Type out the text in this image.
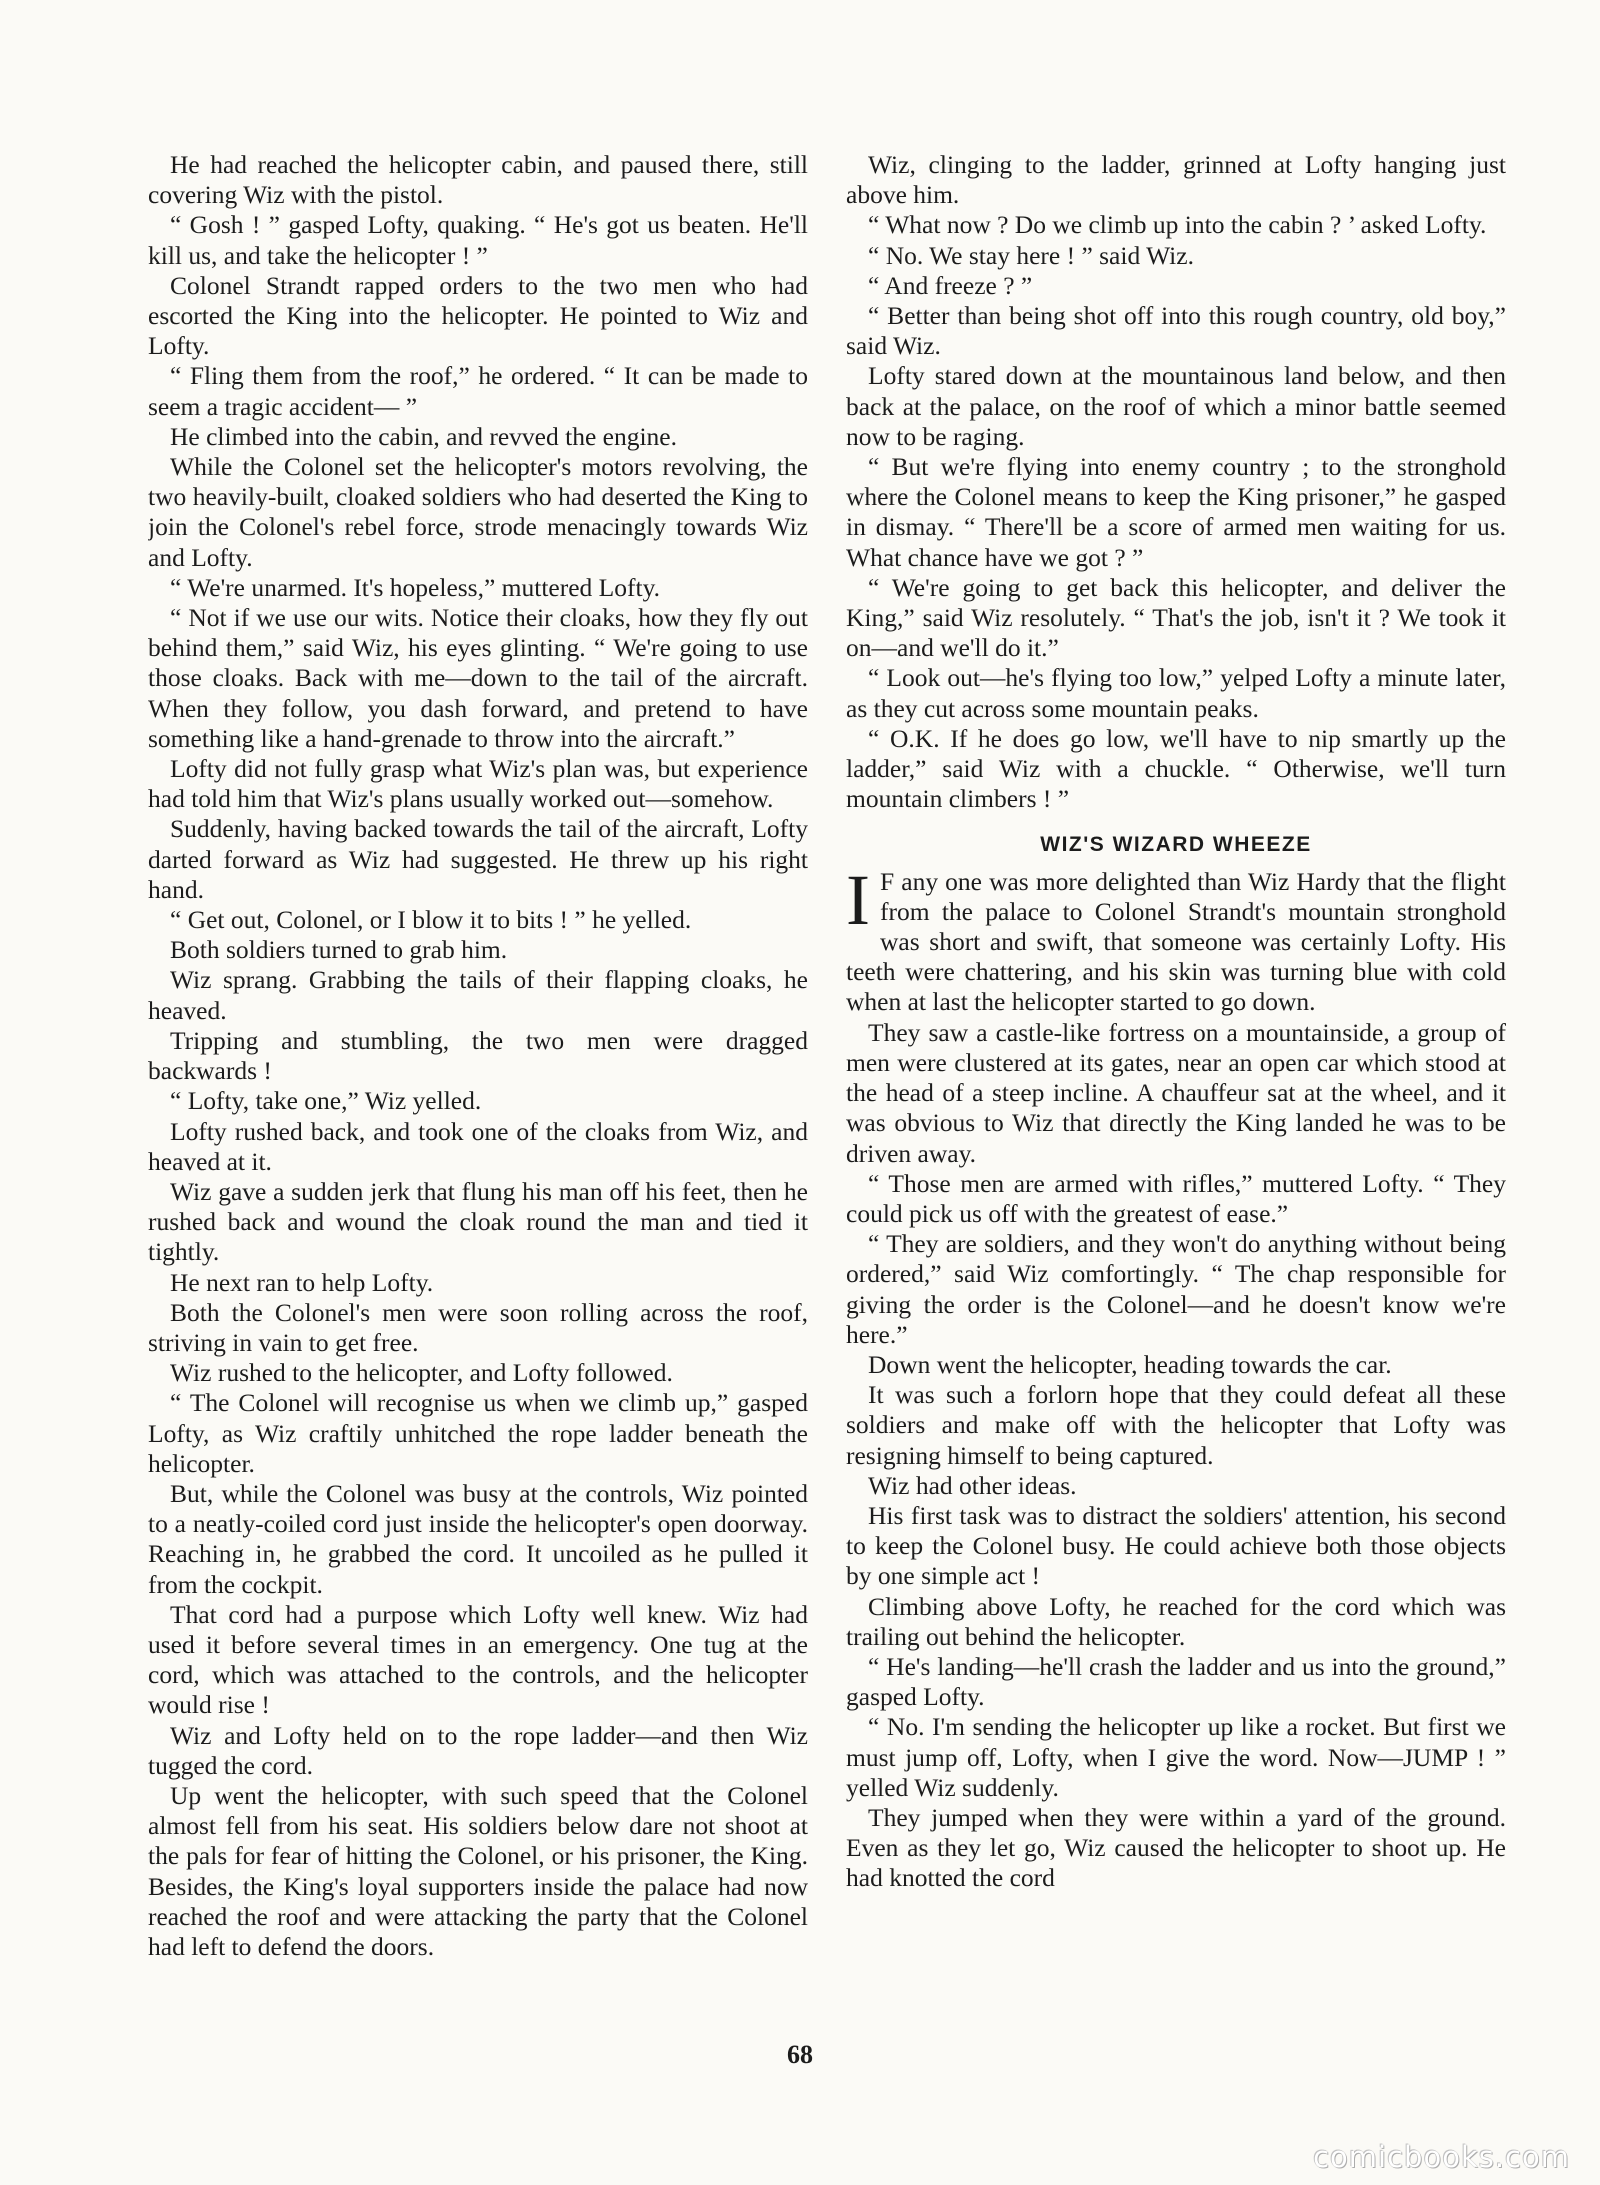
He had reached the helicopter cabin, and paused there, still covering Wiz with the pistol.

“ Gosh ! ” gasped Lofty, quaking. “ He's got us beaten. He'll kill us, and take the helicopter ! ”

Colonel Strandt rapped orders to the two men who had escorted the King into the helicopter. He pointed to Wiz and Lofty.

“ Fling them from the roof,” he ordered. “ It can be made to seem a tragic accident— ”

He climbed into the cabin, and revved the engine.

While the Colonel set the helicopter's motors revolving, the two heavily-built, cloaked soldiers who had deserted the King to join the Colonel's rebel force, strode menacingly towards Wiz and Lofty.

“ We're unarmed. It's hopeless,” muttered Lofty.

“ Not if we use our wits. Notice their cloaks, how they fly out behind them,” said Wiz, his eyes glinting. “ We're going to use those cloaks. Back with me—down to the tail of the aircraft. When they follow, you dash forward, and pretend to have something like a hand-grenade to throw into the aircraft.”

Lofty did not fully grasp what Wiz's plan was, but experience had told him that Wiz's plans usually worked out—somehow.

Suddenly, having backed towards the tail of the aircraft, Lofty darted forward as Wiz had suggested. He threw up his right hand.

“ Get out, Colonel, or I blow it to bits ! ” he yelled.

Both soldiers turned to grab him.

Wiz sprang. Grabbing the tails of their flapping cloaks, he heaved.

Tripping and stumbling, the two men were dragged backwards !

“ Lofty, take one,” Wiz yelled.

Lofty rushed back, and took one of the cloaks from Wiz, and heaved at it.

Wiz gave a sudden jerk that flung his man off his feet, then he rushed back and wound the cloak round the man and tied it tightly.

He next ran to help Lofty.

Both the Colonel's men were soon rolling across the roof, striving in vain to get free.

Wiz rushed to the helicopter, and Lofty followed.

“ The Colonel will recognise us when we climb up,” gasped Lofty, as Wiz craftily unhitched the rope ladder beneath the helicopter.

But, while the Colonel was busy at the controls, Wiz pointed to a neatly-coiled cord just inside the helicopter's open doorway. Reaching in, he grabbed the cord. It uncoiled as he pulled it from the cockpit.

That cord had a purpose which Lofty well knew. Wiz had used it before several times in an emergency. One tug at the cord, which was attached to the controls, and the helicopter would rise !

Wiz and Lofty held on to the rope ladder—and then Wiz tugged the cord.

Up went the helicopter, with such speed that the Colonel almost fell from his seat. His soldiers below dare not shoot at the pals for fear of hitting the Colonel, or his prisoner, the King. Besides, the King's loyal supporters inside the palace had now reached the roof and were attacking the party that the Colonel had left to defend the doors.

Wiz, clinging to the ladder, grinned at Lofty hanging just above him.

“ What now ? Do we climb up into the cabin ? ’ asked Lofty.

“ No. We stay here ! ” said Wiz.

“ And freeze ? ”

“ Better than being shot off into this rough country, old boy,” said Wiz.

Lofty stared down at the mountainous land below, and then back at the palace, on the roof of which a minor battle seemed now to be raging.

“ But we're flying into enemy country ; to the stronghold where the Colonel means to keep the King prisoner,” he gasped in dismay. “ There'll be a score of armed men waiting for us. What chance have we got ? ”

“ We're going to get back this helicopter, and deliver the King,” said Wiz resolutely. “ That's the job, isn't it ? We took it on—and we'll do it.”

“ Look out—he's flying too low,” yelped Lofty a minute later, as they cut across some mountain peaks.

“ O.K. If he does go low, we'll have to nip smartly up the ladder,” said Wiz with a chuckle. “ Otherwise, we'll turn mountain climbers ! ”

WIZ'S WIZARD WHEEZE

I F any one was more delighted than Wiz Hardy that the flight from the palace to Colonel Strandt's mountain stronghold was short and swift, that someone was certainly Lofty. His teeth were chattering, and his skin was turning blue with cold when at last the helicopter started to go down.

They saw a castle-like fortress on a mountainside, a group of men were clustered at its gates, near an open car which stood at the head of a steep incline. A chauffeur sat at the wheel, and it was obvious to Wiz that directly the King landed he was to be driven away.

“ Those men are armed with rifles,” muttered Lofty. “ They could pick us off with the greatest of ease.”

“ They are soldiers, and they won't do anything without being ordered,” said Wiz comfortingly. “ The chap responsible for giving the order is the Colonel—and he doesn't know we're here.”

Down went the helicopter, heading towards the car.

It was such a forlorn hope that they could defeat all these soldiers and make off with the helicopter that Lofty was resigning himself to being captured.

Wiz had other ideas.

His first task was to distract the soldiers' attention, his second to keep the Colonel busy. He could achieve both those objects by one simple act !

Climbing above Lofty, he reached for the cord which was trailing out behind the helicopter.

“ He's landing—he'll crash the ladder and us into the ground,” gasped Lofty.

“ No. I'm sending the helicopter up like a rocket. But first we must jump off, Lofty, when I give the word. Now—JUMP ! ” yelled Wiz suddenly.

They jumped when they were within a yard of the ground. Even as they let go, Wiz caused the helicopter to shoot up. He had knotted the cord

68
comicbooks.com
